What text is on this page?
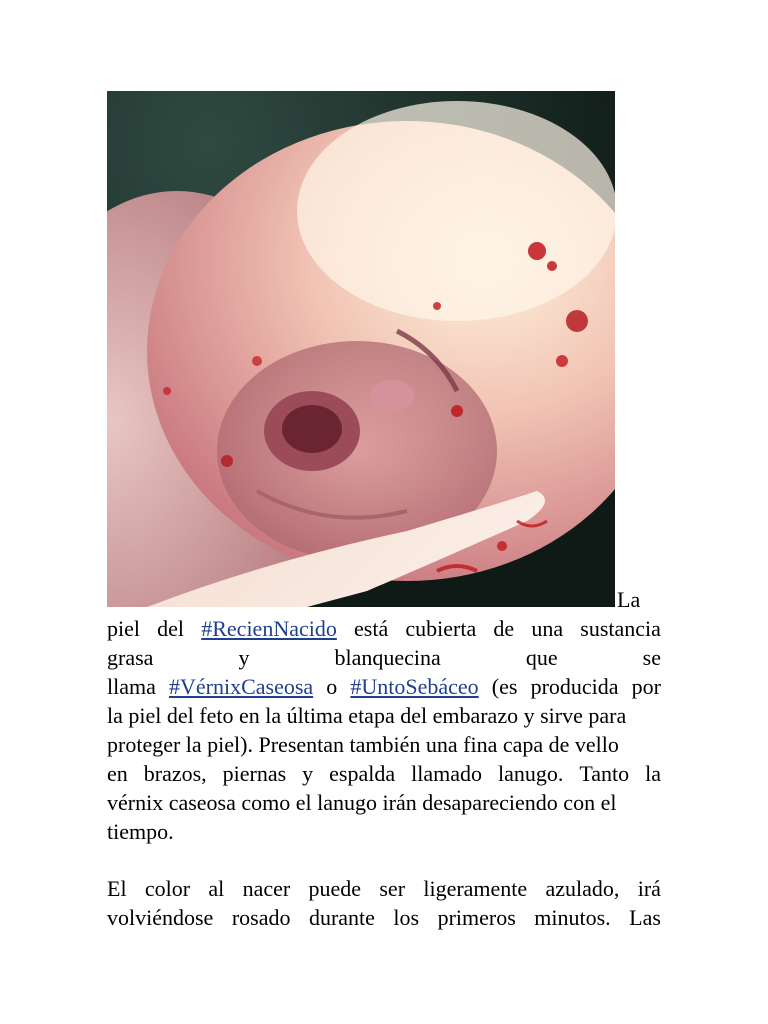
La
piel del #RecienNacido está cubierta de una sustancia
grasa	y	blanquecina	que	se
llama #VérnixCaseosa o #UntoSebáceo (es producida por
la piel del feto en la última etapa del embarazo y sirve para
proteger la piel). Presentan también una fina capa de vello
en brazos, piernas y espalda llamado lanugo. Tanto la
vérnix caseosa como el lanugo irán desapareciendo con el
tiempo.
El color al nacer puede ser ligeramente azulado, irá
volviéndose rosado durante los primeros minutos. Las
